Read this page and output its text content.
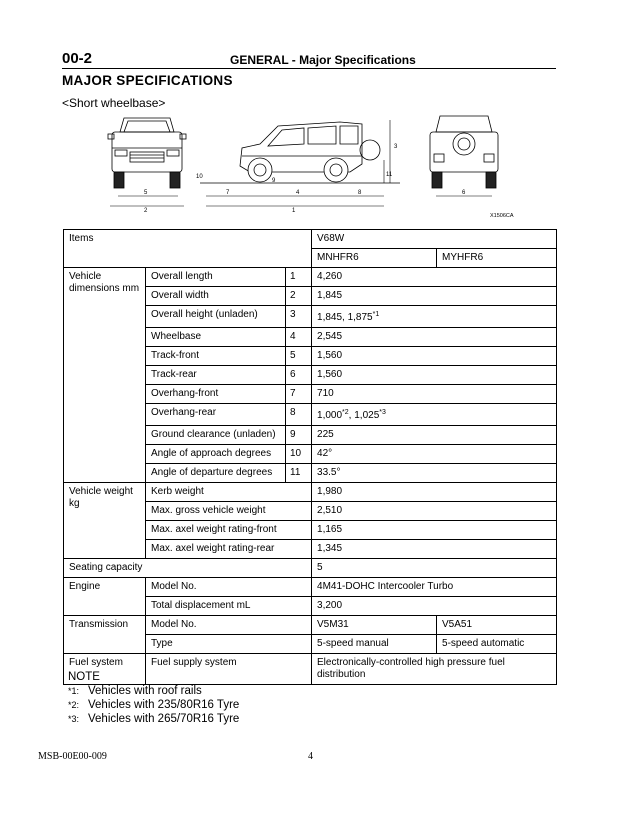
00-2	GENERAL - Major Specifications
MAJOR SPECIFICATIONS
<Short wheelbase>
5
2
7	4	8
1
9
10	11
3
6
X1506CA
Items			V68W	
			MNHFR6	MYHFR6
Vehicle dimensions mm	Overall length	1	4,260	
	Overall width	2	1,845	
	Overall height (unladen)	3	1,845, 1,875$^{*1}$
	Wheelbase	4	2,545	
	Track-front	5	1,560	
	Track-rear	6	1,560	
	Overhang-front	7	710	
	Overhang-rear	8	1,000$^{*2}$, 1,025$^{*3}$
	Ground clearance (unladen)	9	225	
	Angle of approach degrees	10	42°	
	Angle of departure degrees	11	33.5°	
Vehicle weight kg	Kerb weight		1,980	
	Max. gross vehicle weight		2,510	
	Max. axel weight rating-front		1,165	
	Max. axel weight rating-rear		1,345	
Seating capacity			5	
Engine	Model No.		4M41-DOHC Intercooler Turbo	
	Total displacement mL		3,200	
Transmission	Model No.		V5M31	V5A51
	Type		5-speed manual	5-speed automatic
Fuel system	Fuel supply system		Electronically-controlled high pressure fuel distribution	
NOTE
*1: Vehicles with roof rails
*2: Vehicles with 235/80R16 Tyre
*3: Vehicles with 265/70R16 Tyre
MSB-00E00-009	4
